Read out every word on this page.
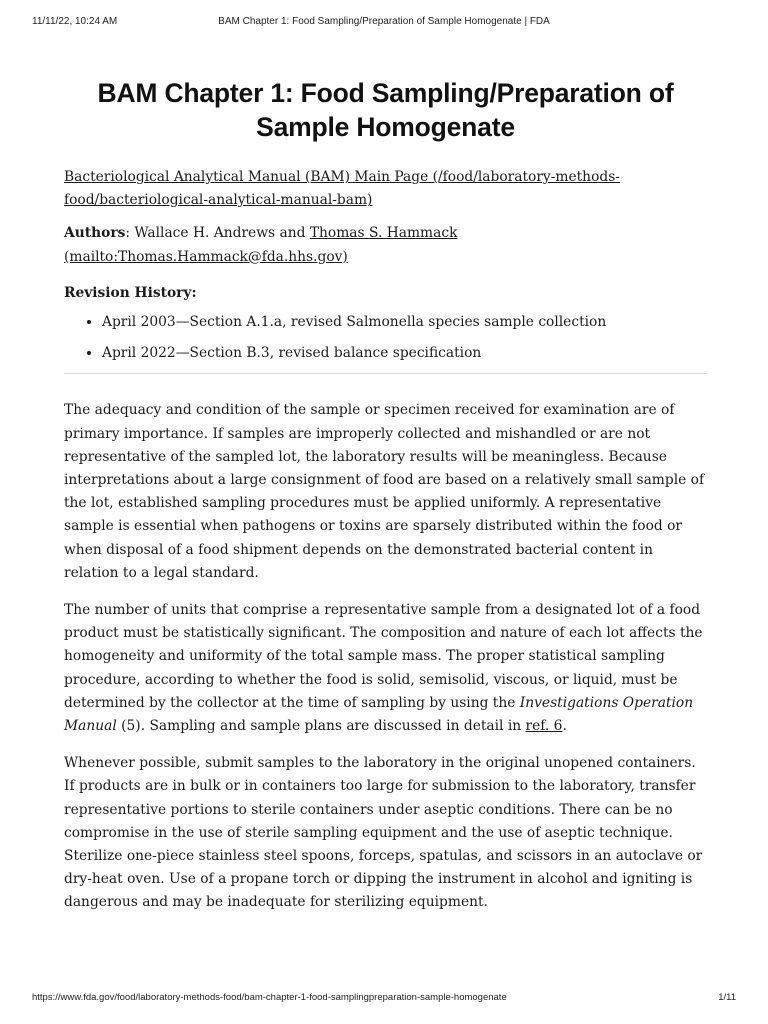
11/11/22, 10:24 AM	BAM Chapter 1: Food Sampling/Preparation of Sample Homogenate | FDA
BAM Chapter 1: Food Sampling/Preparation of Sample Homogenate

Bacteriological Analytical Manual (BAM) Main Page (/food/laboratory-methods-food/bacteriological-analytical-manual-bam)

Authors: Wallace H. Andrews and Thomas S. Hammack (mailto:Thomas.Hammack@fda.hhs.gov)

Revision History:

• April 2003—Section A.1.a, revised Salmonella species sample collection
• April 2022—Section B.3, revised balance specification

The adequacy and condition of the sample or specimen received for examination are of primary importance. If samples are improperly collected and mishandled or are not representative of the sampled lot, the laboratory results will be meaningless. Because interpretations about a large consignment of food are based on a relatively small sample of the lot, established sampling procedures must be applied uniformly. A representative sample is essential when pathogens or toxins are sparsely distributed within the food or when disposal of a food shipment depends on the demonstrated bacterial content in relation to a legal standard.

The number of units that comprise a representative sample from a designated lot of a food product must be statistically significant. The composition and nature of each lot affects the homogeneity and uniformity of the total sample mass. The proper statistical sampling procedure, according to whether the food is solid, semisolid, viscous, or liquid, must be determined by the collector at the time of sampling by using the Investigations Operation Manual (5). Sampling and sample plans are discussed in detail in ref. 6.

Whenever possible, submit samples to the laboratory in the original unopened containers. If products are in bulk or in containers too large for submission to the laboratory, transfer representative portions to sterile containers under aseptic conditions. There can be no compromise in the use of sterile sampling equipment and the use of aseptic technique. Sterilize one-piece stainless steel spoons, forceps, spatulas, and scissors in an autoclave or dry-heat oven. Use of a propane torch or dipping the instrument in alcohol and igniting is dangerous and may be inadequate for sterilizing equipment.

https://www.fda.gov/food/laboratory-methods-food/bam-chapter-1-food-samplingpreparation-sample-homogenate	1/11
